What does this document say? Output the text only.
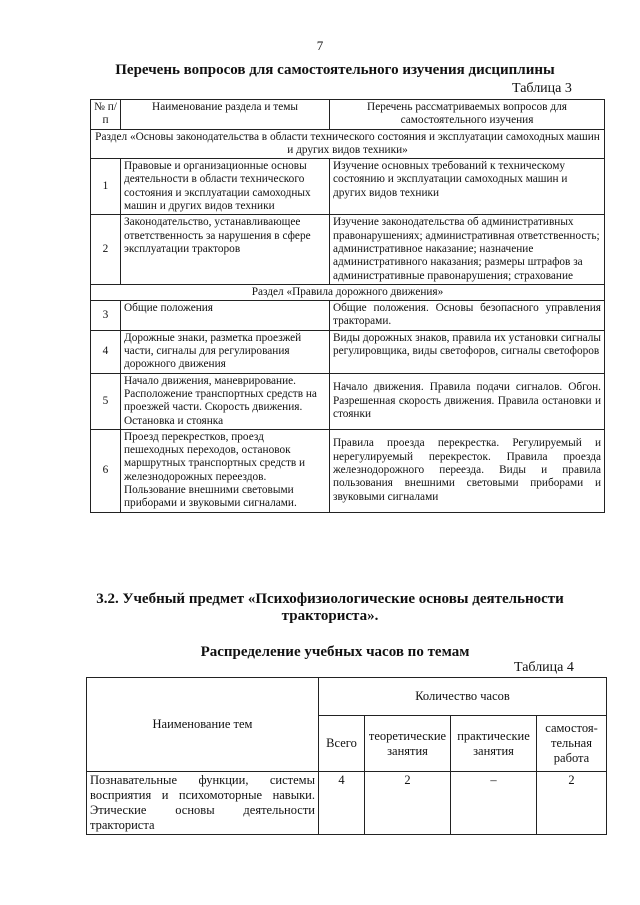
7
Перечень вопросов для самостоятельного изучения дисциплины
Таблица 3
№ п/п	Наименование раздела и темы	Перечень рассматриваемых вопросов для самостоятельного изучения
Раздел «Основы законодательства в области технического состояния и эксплуатации самоходных машин и других видов техники»		
1	Правовые и организационные основы деятельности в области технического состояния и эксплуатации самоходных машин и других видов техники	Изучение основных требований к техническому состоянию и эксплуатации самоходных машин и других видов техники
2	Законодательство, устанавливающее ответственность за нарушения в сфере эксплуатации тракторов	Изучение законодательства об административных правонарушениях; административная ответственность; административное наказание; назначение административного наказания; размеры штрафов за административные правонарушения; страхование
Раздел «Правила дорожного движения»		
3	Общие положения	Общие положения. Основы безопасного управления тракторами.
4	Дорожные знаки, разметка проезжей части, сигналы для регулирования дорожного движения	Виды дорожных знаков, правила их установки сигналы регулировщика, виды светофоров, сигналы светофоров
5	Начало движения, маневрирование. Расположение транспортных средств на проезжей части. Скорость движения. Остановка и стоянка	Начало движения. Правила подачи сигналов. Обгон. Разрешенная скорость движения. Правила остановки и стоянки
6	Проезд перекрестков, проезд пешеходных переходов, остановок маршрутных транспортных средств и железнодорожных переездов. Пользование внешними световыми приборами и звуковыми сигналами.	Правила проезда перекрестка. Регулируемый и нерегулируемый перекресток. Правила проезда железнодорожного переезда. Виды и правила пользования внешними световыми приборами и звуковыми сигналами
3.2. Учебный предмет «Психофизиологические основы деятельности тракториста».
Распределение учебных часов по темам
Таблица 4
Наименование тем	Количество часов			
	Всего	теоретические занятия	практические занятия	самостоя- тельная работа
Познавательные функции, системы восприятия и психомоторные навыки. Этические основы деятельности тракториста	4	2	–	2
